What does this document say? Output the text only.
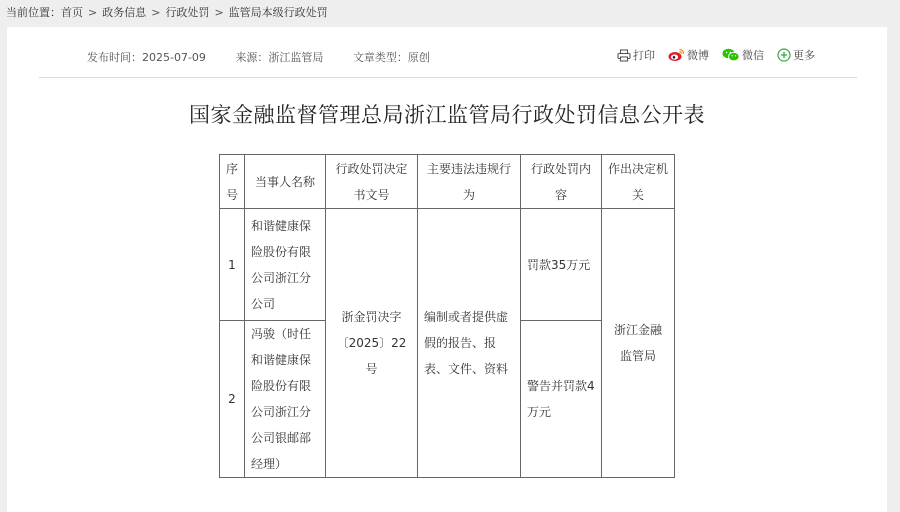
当前位置：首页 > 政务信息 > 行政处罚 > 监管局本级行政处罚
发布时间：2025-07-09	来源：浙江监管局	文章类型：原创	打印	微博	微信	更多
国家金融监督管理总局浙江监管局行政处罚信息公开表
序号	当事人名称	行政处罚决定书文号	主要违法违规行为	行政处罚内容	作出决定机关
1	和谐健康保险股份有限公司浙江分公司	浙金罚决字〔2025〕22号	编制或者提供虚假的报告、报表、文件、资料	罚款35万元	浙江金融监管局
2	冯骏（时任和谐健康保险股份有限公司浙江分公司银邮部经理）			警告并罚款4万元	
